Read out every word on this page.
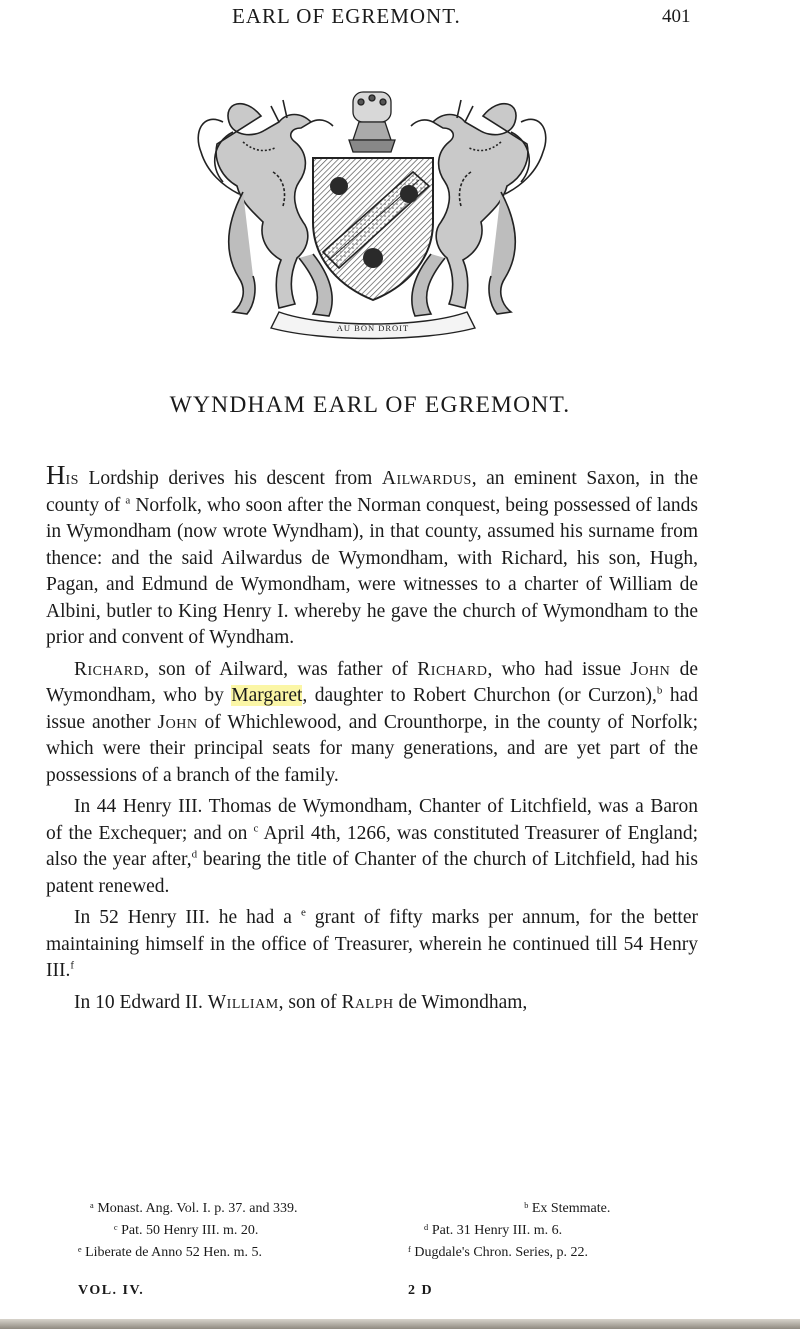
EARL OF EGREMONT.	401
AU BON DROIT
WYNDHAM EARL OF EGREMONT.

His Lordship derives his descent from Ailwardus, an eminent Saxon, in the county of $^a$ Norfolk, who soon after the Norman conquest, being possessed of lands in Wymondham (now wrote Wyndham), in that county, assumed his surname from thence: and the said Ailwardus de Wymondham, with Richard, his son, Hugh, Pagan, and Edmund de Wymondham, were witnesses to a charter of William de Albini, butler to King Henry I. whereby he gave the church of Wymondham to the prior and convent of Wyndham.

Richard, son of Ailward, was father of Richard, who had issue John de Wymondham, who by Margaret, daughter to Robert Churchon (or Curzon),$^b$ had issue another John of Whichlewood, and Crounthorpe, in the county of Norfolk; which were their principal seats for many generations, and are yet part of the possessions of a branch of the family.

In 44 Henry III. Thomas de Wymondham, Chanter of Litchfield, was a Baron of the Exchequer; and on $^c$ April 4th, 1266, was constituted Treasurer of England; also the year after,$^d$ bearing the title of Chanter of the church of Litchfield, had his patent renewed.

In 52 Henry III. he had a $^e$ grant of fifty marks per annum, for the better maintaining himself in the office of Treasurer, wherein he continued till 54 Henry III.$^f$

In 10 Edward II. William, son of Ralph de Wimondham,

ᵃ Monast. Ang. Vol. I. p. 37. and 339.	ᵇ Ex Stemmate.
ᶜ Pat. 50 Henry III. m. 20.	ᵈ Pat. 31 Henry III. m. 6.
ᵉ Liberate de Anno 52 Hen. m. 5.	ᶠ Dugdale's Chron. Series, p. 22.
VOL. IV.	2 D
